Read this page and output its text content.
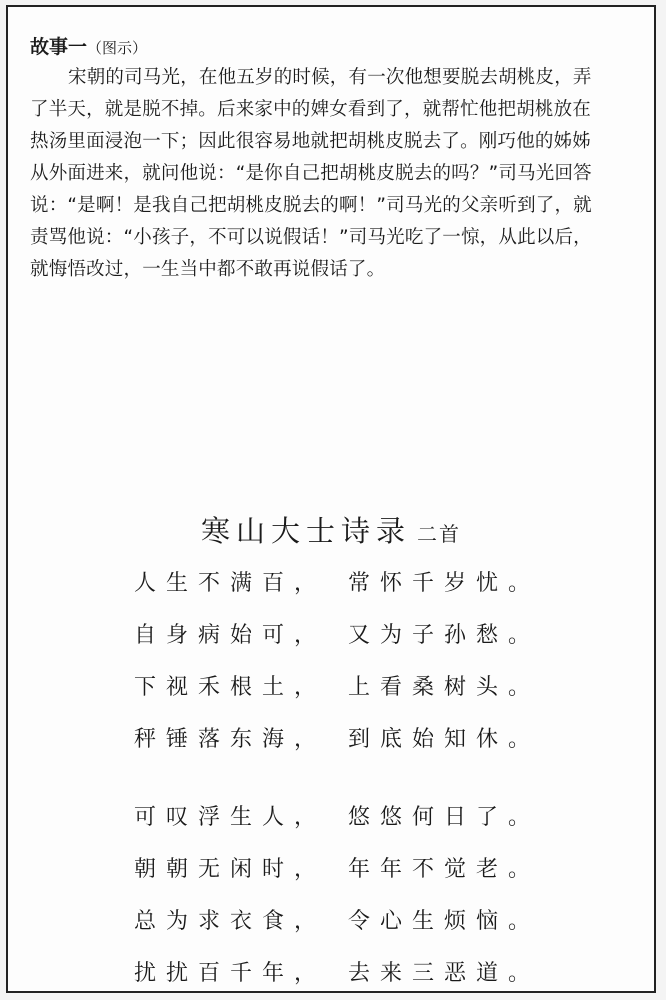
故事一（图示）

宋朝的司马光，在他五岁的时候，有一次他想要脱去胡桃皮，弄

了半天，就是脱不掉。后来家中的婢女看到了，就帮忙他把胡桃放在

热汤里面浸泡一下；因此很容易地就把胡桃皮脱去了。刚巧他的姊姊

从外面进来，就问他说：“是你自己把胡桃皮脱去的吗？”司马光回答

说：“是啊！是我自己把胡桃皮脱去的啊！”司马光的父亲听到了，就

责骂他说：“小孩子，不可以说假话！”司马光吃了一惊，从此以后，

就悔悟改过，一生当中都不敢再说假话了。

寒山大士诗录 二首
人生不满百， 常怀千岁忧。
自身病始可， 又为子孙愁。
下视禾根土， 上看桑树头。
秤锤落东海， 到底始知休。
可叹浮生人， 悠悠何日了。
朝朝无闲时， 年年不觉老。
总为求衣食， 令心生烦恼。
扰扰百千年， 去来三恶道。
